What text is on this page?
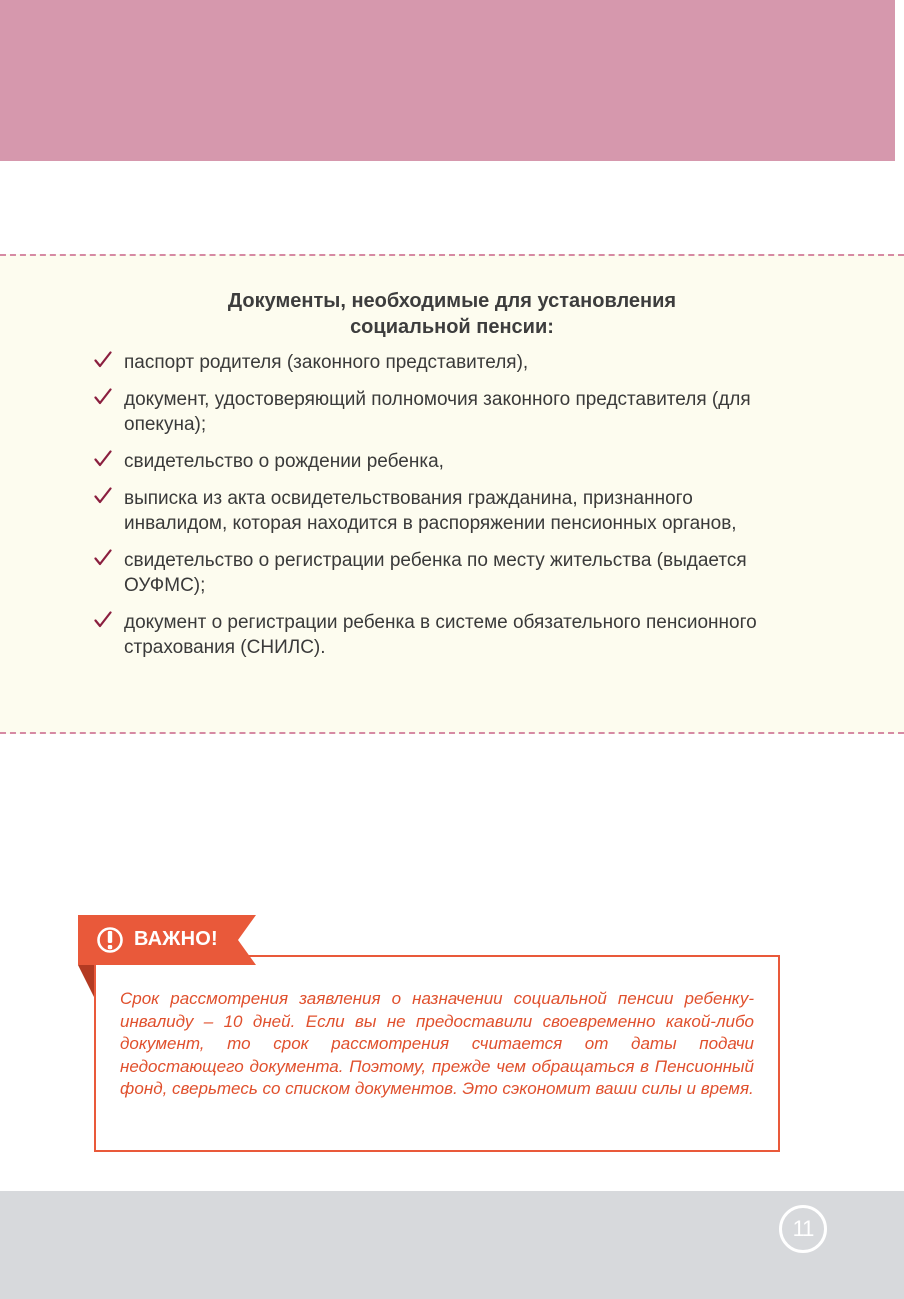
Документы, необходимые для установления
социальной пенсии:
паспорт родителя (законного представителя),
документ, удостоверяющий полномочия законного представителя (для опекуна);
свидетельство о рождении ребенка,
выписка из акта освидетельствования гражданина, признанного инвалидом, которая находится в распоряжении пенсионных органов,
свидетельство о регистрации ребенка по месту жительства (выдается ОУФМС);
документ о регистрации ребенка в системе обязательного пенсионного страхования (СНИЛС).

Срок рассмотрения заявления о назначении социальной пенсии ребенку-инвалиду – 10 дней. Если вы не предоставили своевременно какой-либо документ, то срок рассмотрения считается от даты подачи недостающего документа. Поэтому, прежде чем обращаться в Пенсионный фонд, сверьтесь со списком документов. Это сэкономит ваши силы и время.

ВАЖНО!
11
